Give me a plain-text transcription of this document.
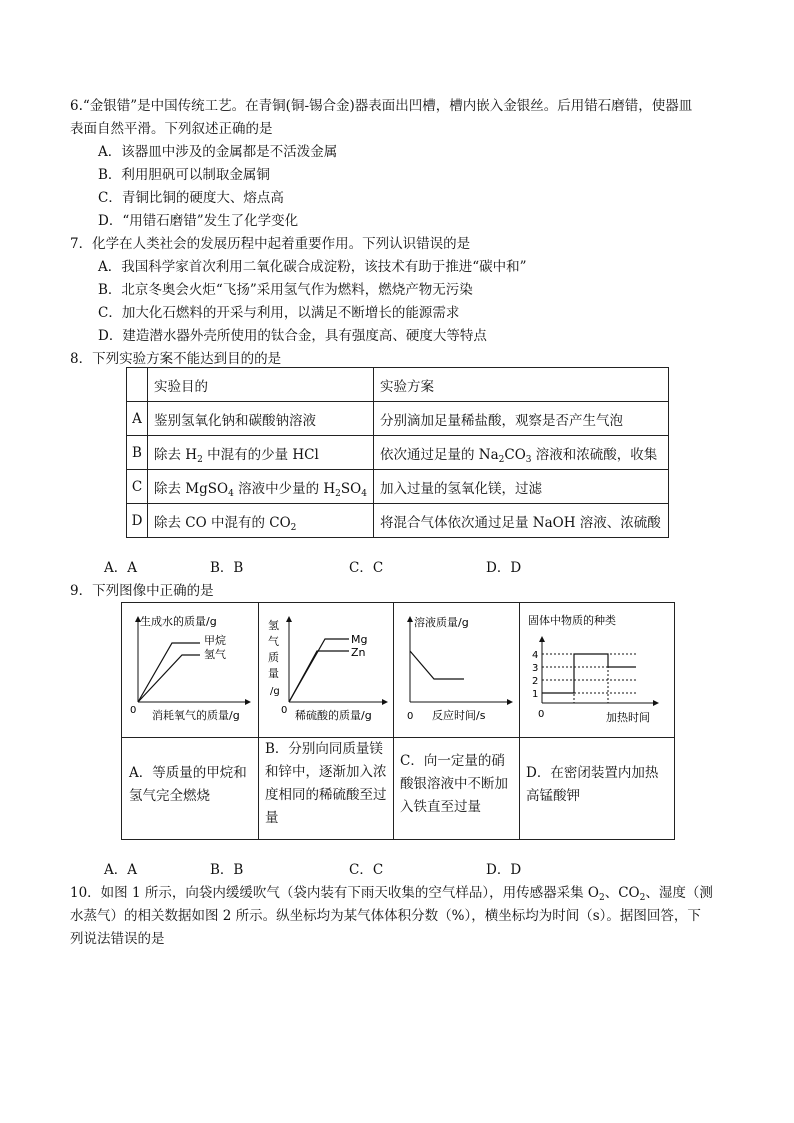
6.“金银错”是中国传统工艺。在青铜(铜-锡合金)器表面出凹槽，槽内嵌入金银丝。后用错石磨错，使器皿
表面自然平滑。下列叙述正确的是
A．该器皿中涉及的金属都是不活泼金属
B．利用胆矾可以制取金属铜
C．青铜比铜的硬度大、熔点高
D．“用错石磨错”发生了化学变化
7．化学在人类社会的发展历程中起着重要作用。下列认识错误的是
A．我国科学家首次利用二氧化碳合成淀粉，该技术有助于推进“碳中和”
B．北京冬奥会火炬“飞扬”采用氢气作为燃料，燃烧产物无污染
C．加大化石燃料的开采与利用，以满足不断增长的能源需求
D．建造潜水器外壳所使用的钛合金，具有强度高、硬度大等特点
8．下列实验方案不能达到目的的是
	实验目的	实验方案
A	鉴别氢氧化钠和碳酸钠溶液	分别滴加足量稀盐酸，观察是否产生气泡
B	除去 $H_2$ 中混有的少量 HCl	依次通过足量的 $Na_2CO_3$ 溶液和浓硫酸，收集
C	除去 MgSO$_4$ 溶液中少量的 $H_2SO_4$	加入过量的氢氧化镁，过滤
D	除去 CO 中混有的 $CO_2$	将混合气体依次通过足量 NaOH 溶液、浓硫酸
A．A	B．B	C．C	D．D
9．下列图像中正确的是
生成水的质量/g
0 消耗氧气的质量/g
甲烷
氢气
氢
气
质
量
/g
0 稀硫酸的质量/g
Mg
Zn
溶液质量/g
0 反应时间/s
固体中物质的种类
4
3
2
1
0	加热时间
A．等质量的甲烷和氢气完全燃烧
B．分别向同质量镁和锌中，逐渐加入浓度相同的稀硫酸至过量
C．向一定量的硝酸银溶液中不断加入铁直至过量
D．在密闭装置内加热高锰酸钾
A．A	B．B	C．C	D．D
10．如图 1 所示，向袋内缓缓吹气（袋内装有下雨天收集的空气样品），用传感器采集 $O_2$、$CO_2$、湿度（测
水蒸气）的相关数据如图 2 所示。纵坐标均为某气体体积分数（%），横坐标均为时间（s）。据图回答，下
列说法错误的是
